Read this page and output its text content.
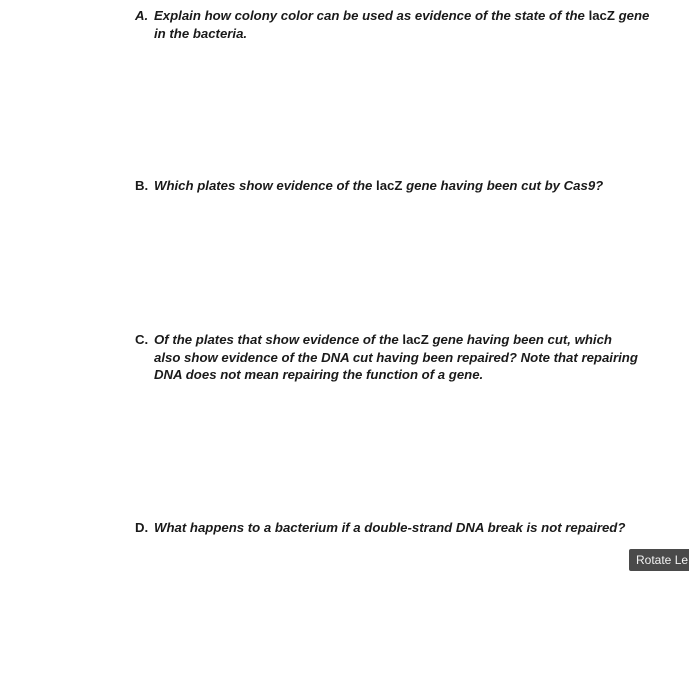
A. Explain how colony color can be used as evidence of the state of the lacZ gene
in the bacteria.
B. Which plates show evidence of the lacZ gene having been cut by Cas9?
C. Of the plates that show evidence of the lacZ gene having been cut, which
also show evidence of the DNA cut having been repaired? Note that repairing
DNA does not mean repairing the function of a gene.
D. What happens to a bacterium if a double-strand DNA break is not repaired?
Rotate Le
